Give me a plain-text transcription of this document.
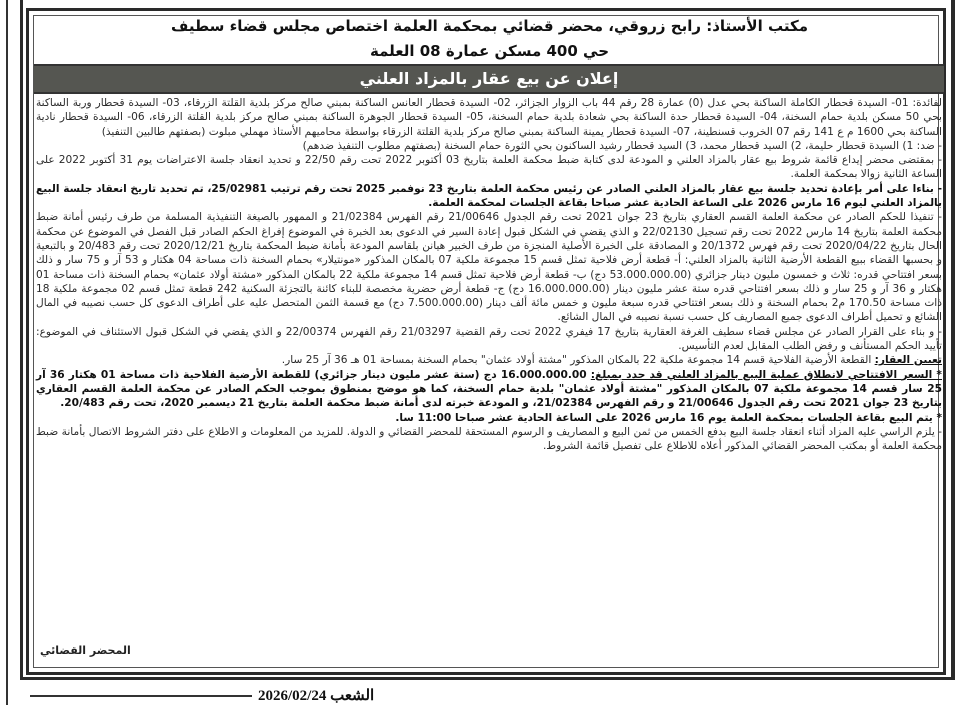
مكتب الأستاذ: رابح زروقي، محضر قضائي بمحكمة العلمة اختصاص مجلس قضاء سطيف
حي 400 مسكن عمارة 08 العلمة
إعلان عن بيع عقار بالمزاد العلني

لفائدة: 01- السيدة قحطار الكاملة الساكنة بحي عدل (0) عمارة 28 رقم 44 باب الزوار الجزائر، 02- السيدة قحطار العانس الساكنة بمبني صالح مركز بلدية القلتة الزرقاء، 03- السيدة قحطار وربة الساكنة بحي 50 مسكن بلدية حمام السخنة، 04- السيدة قحطار حدة الساكنة بحي شعادة بلدية حمام السخنة، 05- السيدة قحطار الجوهرة الساكنة بمبني صالح مركز بلدية القلتة الزرقاء، 06- السيدة قحطار نادية الساكنة بحي 1600 م ع 141 رقم 07 الخروب قسنطينة، 07- السيدة قحطار يمينة الساكنة بمبني صالح مركز بلدية القلتة الزرقاء بواسطة محاميهم الأستاذ مهملي مبلوت (بصفتهم طالبين التنفيذ)

- ضد: 1) السيدة قحطار حليمة، 2) السيد قحطار محمد، 3) السيد قحطار رشيد الساكنون بحي الثورة حمام السخنة (بصفتهم مطلوب التنفيذ ضدهم)

- بمقتضى محضر إيداع قائمة شروط بيع عقار بالمزاد العلني و المودعة لدى كتابة ضبط محكمة العلمة بتاريخ 03 أكتوبر 2022 تحت رقم 22/50 و تحديد انعقاد جلسة الاعتراضات يوم 31 أكتوبر 2022 على الساعة الثانية زوالا بمحكمة العلمة.

- بناءا على أمر بإعادة تحديد جلسة بيع عقار بالمزاد العلني الصادر عن رئيس محكمة العلمة بتاريخ 23 نوفمبر 2025 تحت رقم ترتيب 25/02981، تم تحديد تاريخ انعقاد جلسة البيع بالمزاد العلني ليوم 16 مارس 2026 على الساعة الحادية عشر صباحا بقاعة الجلسات لمحكمة العلمة.

- تنفيذا للحكم الصادر عن محكمة العلمة القسم العقاري بتاريخ 23 جوان 2021 تحت رقم الجدول 21/00646 رقم الفهرس 21/02384 و الممهور بالصيغة التنفيذية المسلمة من طرف رئيس أمانة ضبط محكمة العلمة بتاريخ 14 مارس 2022 تحت رقم تسجيل 22/02130 و الذي يقضي في الشكل قبول إعادة السير في الدعوى بعد الخبرة في الموضوع إفراغ الحكم الصادر قبل الفصل في الموضوع عن محكمة الحال بتاريخ 2020/04/22 تحت رقم فهرس 20/1372 و المصادقة على الخبرة الأصلية المنجزة من طرف الخبير هيانن بلقاسم المودعة بأمانة ضبط المحكمة بتاريخ 2020/12/21 تحت رقم 20/483 و بالتبعية و بحسبها القضاء ببيع القطعة الأرضية الثانية بالمزاد العلني: أ- قطعة أرض فلاحية تمثل قسم 15 مجموعة ملكية 07 بالمكان المذكور «مونتيلار» بحمام السخنة ذات مساحة 04 هكتار و 53 آر و 75 سار و ذلك بسعر افتتاحي قدره: ثلاث و خمسون مليون دينار جزائري (53.000.000.00 دج) ب- قطعة أرض فلاحية تمثل قسم 14 مجموعة ملكية 22 بالمكان المذكور «مشتة أولاد عثمان» بحمام السخنة ذات مساحة 01 هكتار و 36 آر و 25 سار و ذلك بسعر افتتاحي قدره ستة عشر مليون دينار (16.000.000.00 دج) ج- قطعة أرض حضرية مخصصة للبناء كائنة بالتجزئة السكنية 242 قطعة تمثل قسم 02 مجموعة ملكية 18 ذات مساحة 170.50 م2 بحمام السخنة و ذلك بسعر افتتاحي قدره سبعة مليون و خمس مائة ألف دينار (7.500.000.00 دج) مع قسمة الثمن المتحصل عليه على أطراف الدعوى كل حسب نصيبه في المال الشائع و تحميل أطراف الدعوى جميع المصاريف كل حسب نسبة نصيبه في المال الشائع.

- و بناء على القرار الصادر عن مجلس قضاء سطيف الغرفة العقارية بتاريخ 17 فيفري 2022 تحت رقم القضية 21/03297 رقم الفهرس 22/00374 و الذي يقضي في الشكل قبول الاستئناف في الموضوع: تأييد الحكم المستأنف و رفض الطلب المقابل لعدم التأسيس.

تعيين العقار: القطعة الأرضية الفلاحية قسم 14 مجموعة ملكية 22 بالمكان المذكور "مشتة أولاد عثمان" بحمام السخنة بمساحة 01 هـ 36 آر 25 سار.

* السعر الافتتاحي لانطلاق عملية البيع بالمزاد العلني قد حدد بمبلغ: 16.000.000.00 دج (ستة عشر مليون دينار جزائري) للقطعة الأرضية الفلاحية ذات مساحة 01 هكتار 36 آر 25 سار قسم 14 مجموعة ملكية 07 بالمكان المذكور "مشتة أولاد عثمان" بلدية حمام السخنة، كما هو موضح بمنطوق بموجب الحكم الصادر عن محكمة العلمة القسم العقاري بتاريخ 23 جوان 2021 تحت رقم الجدول 21/00646 و رقم الفهرس 21/02384، و المودعة خبرته لدى أمانة ضبط محكمة العلمة بتاريخ 21 ديسمبر 2020، تحت رقم 20/483.

* يتم البيع بقاعة الجلسات بمحكمة العلمة يوم 16 مارس 2026 على الساعة الحادية عشر صباحا 11:00 سا.

- يلزم الراسي عليه المزاد أثناء انعقاد جلسة البيع بدفع الخمس من ثمن البيع و المصاريف و الرسوم المستحقة للمحضر القضائي و الدولة. للمزيد من المعلومات و الاطلاع على دفتر الشروط الاتصال بأمانة ضبط محكمة العلمة أو بمكتب المحضر القضائي المذكور أعلاه للاطلاع على تفصيل قائمة الشروط.

المحضر القضائي
الشعب 2026/02/24
